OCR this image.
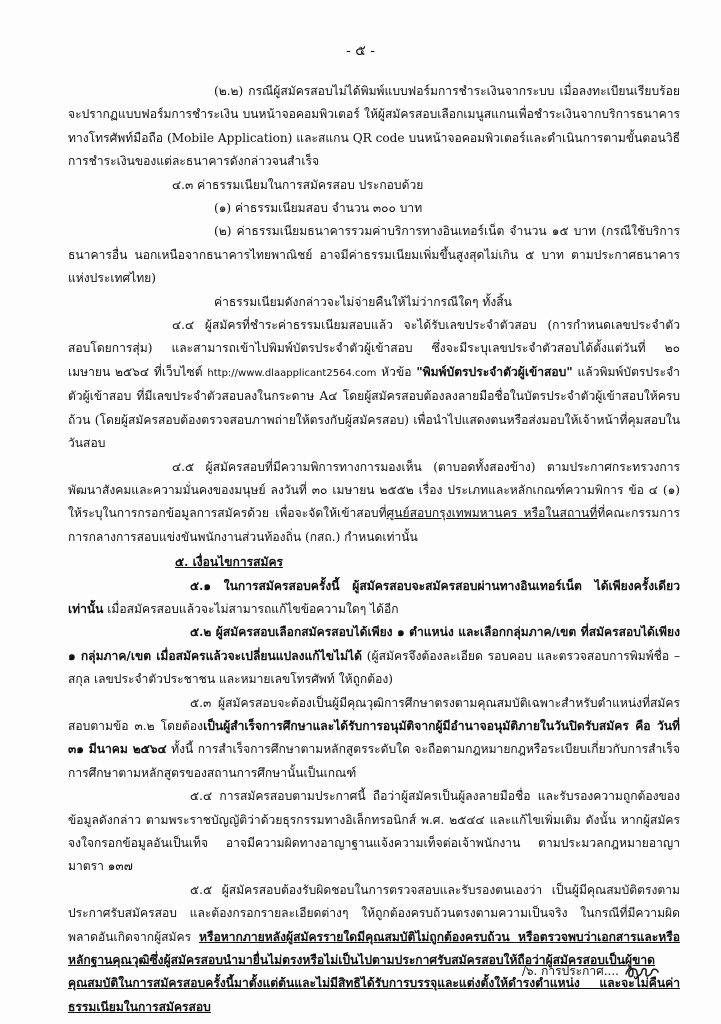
- ๕ -

(๒.๒) กรณีผู้สมัครสอบไม่ได้พิมพ์แบบฟอร์มการชำระเงินจากระบบ เมื่อลงทะเบียนเรียบร้อยจะปรากฏแบบฟอร์มการชำระเงิน บนหน้าจอคอมพิวเตอร์ ให้ผู้สมัครสอบเลือกเมนูสแกนเพื่อชำระเงินจากบริการธนาคารทางโทรศัพท์มือถือ (Mobile Application) และสแกน QR code บนหน้าจอคอมพิวเตอร์และดำเนินการตามขั้นตอนวิธีการชำระเงินของแต่ละธนาคารดังกล่าวจนสำเร็จ

๔.๓ ค่าธรรมเนียมในการสมัครสอบ ประกอบด้วย

(๑) ค่าธรรมเนียมสอบ จำนวน ๓๐๐ บาท

(๒) ค่าธรรมเนียมธนาคารรวมค่าบริการทางอินเทอร์เน็ต จำนวน ๑๕ บาท (กรณีใช้บริการธนาคารอื่น นอกเหนือจากธนาคารไทยพาณิชย์ อาจมีค่าธรรมเนียมเพิ่มขึ้นสูงสุดไม่เกิน ๕ บาท ตามประกาศธนาคารแห่งประเทศไทย)

ค่าธรรมเนียมดังกล่าวจะไม่จ่ายคืนให้ไม่ว่ากรณีใดๆ ทั้งสิ้น

๔.๔ ผู้สมัครที่ชำระค่าธรรมเนียมสอบแล้ว จะได้รับเลขประจำตัวสอบ (การกำหนดเลขประจำตัวสอบโดยการสุ่ม) และสามารถเข้าไปพิมพ์บัตรประจำตัวผู้เข้าสอบ ซึ่งจะมีระบุเลขประจำตัวสอบได้ตั้งแต่วันที่ ๒๐ เมษายน ๒๕๖๔ ที่เว็บไซต์ http://www.dlaapplicant2564.com หัวข้อ "พิมพ์บัตรประจำตัวผู้เข้าสอบ" แล้วพิมพ์บัตรประจำตัวผู้เข้าสอบ ที่มีเลขประจำตัวสอบลงในกระดาษ A๔ โดยผู้สมัครสอบต้องลงลายมือชื่อในบัตรประจำตัวผู้เข้าสอบให้ครบถ้วน (โดยผู้สมัครสอบต้องตรวจสอบภาพถ่ายให้ตรงกับผู้สมัครสอบ) เพื่อนำไปแสดงตนหรือส่งมอบให้เจ้าหน้าที่คุมสอบในวันสอบ

๔.๕ ผู้สมัครสอบที่มีความพิการทางการมองเห็น (ตาบอดทั้งสองข้าง) ตามประกาศกระทรวงการพัฒนาสังคมและความมั่นคงของมนุษย์ ลงวันที่ ๓๐ เมษายน ๒๕๕๒ เรื่อง ประเภทและหลักเกณฑ์ความพิการ ข้อ ๔ (๑) ให้ระบุในการกรอกข้อมูลการสมัครด้วย เพื่อจะจัดให้เข้าสอบที่ศูนย์สอบกรุงเทพมหานคร หรือในสถานที่ที่คณะกรรมการการกลางการสอบแข่งขันพนักงานส่วนท้องถิ่น (กสถ.) กำหนดเท่านั้น

๕. เงื่อนไขการสมัคร

๕.๑ ในการสมัครสอบครั้งนี้ ผู้สมัครสอบจะสมัครสอบผ่านทางอินเทอร์เน็ต ได้เพียงครั้งเดียวเท่านั้น เมื่อสมัครสอบแล้วจะไม่สามารถแก้ไขข้อความใดๆ ได้อีก

๕.๒ ผู้สมัครสอบเลือกสมัครสอบได้เพียง ๑ ตำแหน่ง และเลือกกลุ่มภาค/เขต ที่สมัครสอบได้เพียง ๑ กลุ่มภาค/เขต เมื่อสมัครแล้วจะเปลี่ยนแปลงแก้ไขไม่ได้ (ผู้สมัครจึงต้องละเอียด รอบคอบ และตรวจสอบการพิมพ์ชื่อ – สกุล เลขประจำตัวประชาชน และหมายเลขโทรศัพท์ ให้ถูกต้อง)

๕.๓ ผู้สมัครสอบจะต้องเป็นผู้มีคุณวุฒิการศึกษาตรงตามคุณสมบัติเฉพาะสำหรับตำแหน่งที่สมัครสอบตามข้อ ๓.๒ โดยต้องเป็นผู้สำเร็จการศึกษาและได้รับการอนุมัติจากผู้มีอำนาจอนุมัติภายในวันปิดรับสมัคร คือ วันที่ ๓๑ มีนาคม ๒๕๖๔ ทั้งนี้ การสำเร็จการศึกษาตามหลักสูตรระดับใด จะถือตามกฎหมายกฎหรือระเบียบเกี่ยวกับการสำเร็จการศึกษาตามหลักสูตรของสถานการศึกษานั้นเป็นเกณฑ์

๕.๔ การสมัครสอบตามประกาศนี้ ถือว่าผู้สมัครเป็นผู้ลงลายมือชื่อ และรับรองความถูกต้องของข้อมูลดังกล่าว ตามพระราชบัญญัติว่าด้วยธุรกรรมทางอิเล็กทรอนิกส์ พ.ศ. ๒๕๔๔ และแก้ไขเพิ่มเติม ดังนั้น หากผู้สมัครจงใจกรอกข้อมูลอันเป็นเท็จ อาจมีความผิดทางอาญาฐานแจ้งความเท็จต่อเจ้าพนักงาน ตามประมวลกฎหมายอาญา มาตรา ๑๓๗

๕.๕ ผู้สมัครสอบต้องรับผิดชอบในการตรวจสอบและรับรองตนเองว่า เป็นผู้มีคุณสมบัติตรงตามประกาศรับสมัครสอบ และต้องกรอกรายละเอียดต่างๆ ให้ถูกต้องครบถ้วนตรงตามความเป็นจริง ในกรณีที่มีความผิดพลาดอันเกิดจากผู้สมัคร หรือหากภายหลังผู้สมัครรายใดมีคุณสมบัติไม่ถูกต้องครบถ้วน หรือตรวจพบว่าเอกสารและหรือหลักฐานคุณวุฒิซึ่งผู้สมัครสอบนำมายื่นไม่ตรงหรือไม่เป็นไปตามประกาศรับสมัครสอบให้ถือว่าผู้สมัครสอบเป็นผู้ขาดคุณสมบัติในการสมัครสอบครั้งนี้มาตั้งแต่ต้นและไม่มีสิทธิได้รับการบรรจุและแต่งตั้งให้ดำรงตำแหน่ง และจะไม่คืนค่าธรรมเนียมในการสมัครสอบ

/๖. การประกาศ....
